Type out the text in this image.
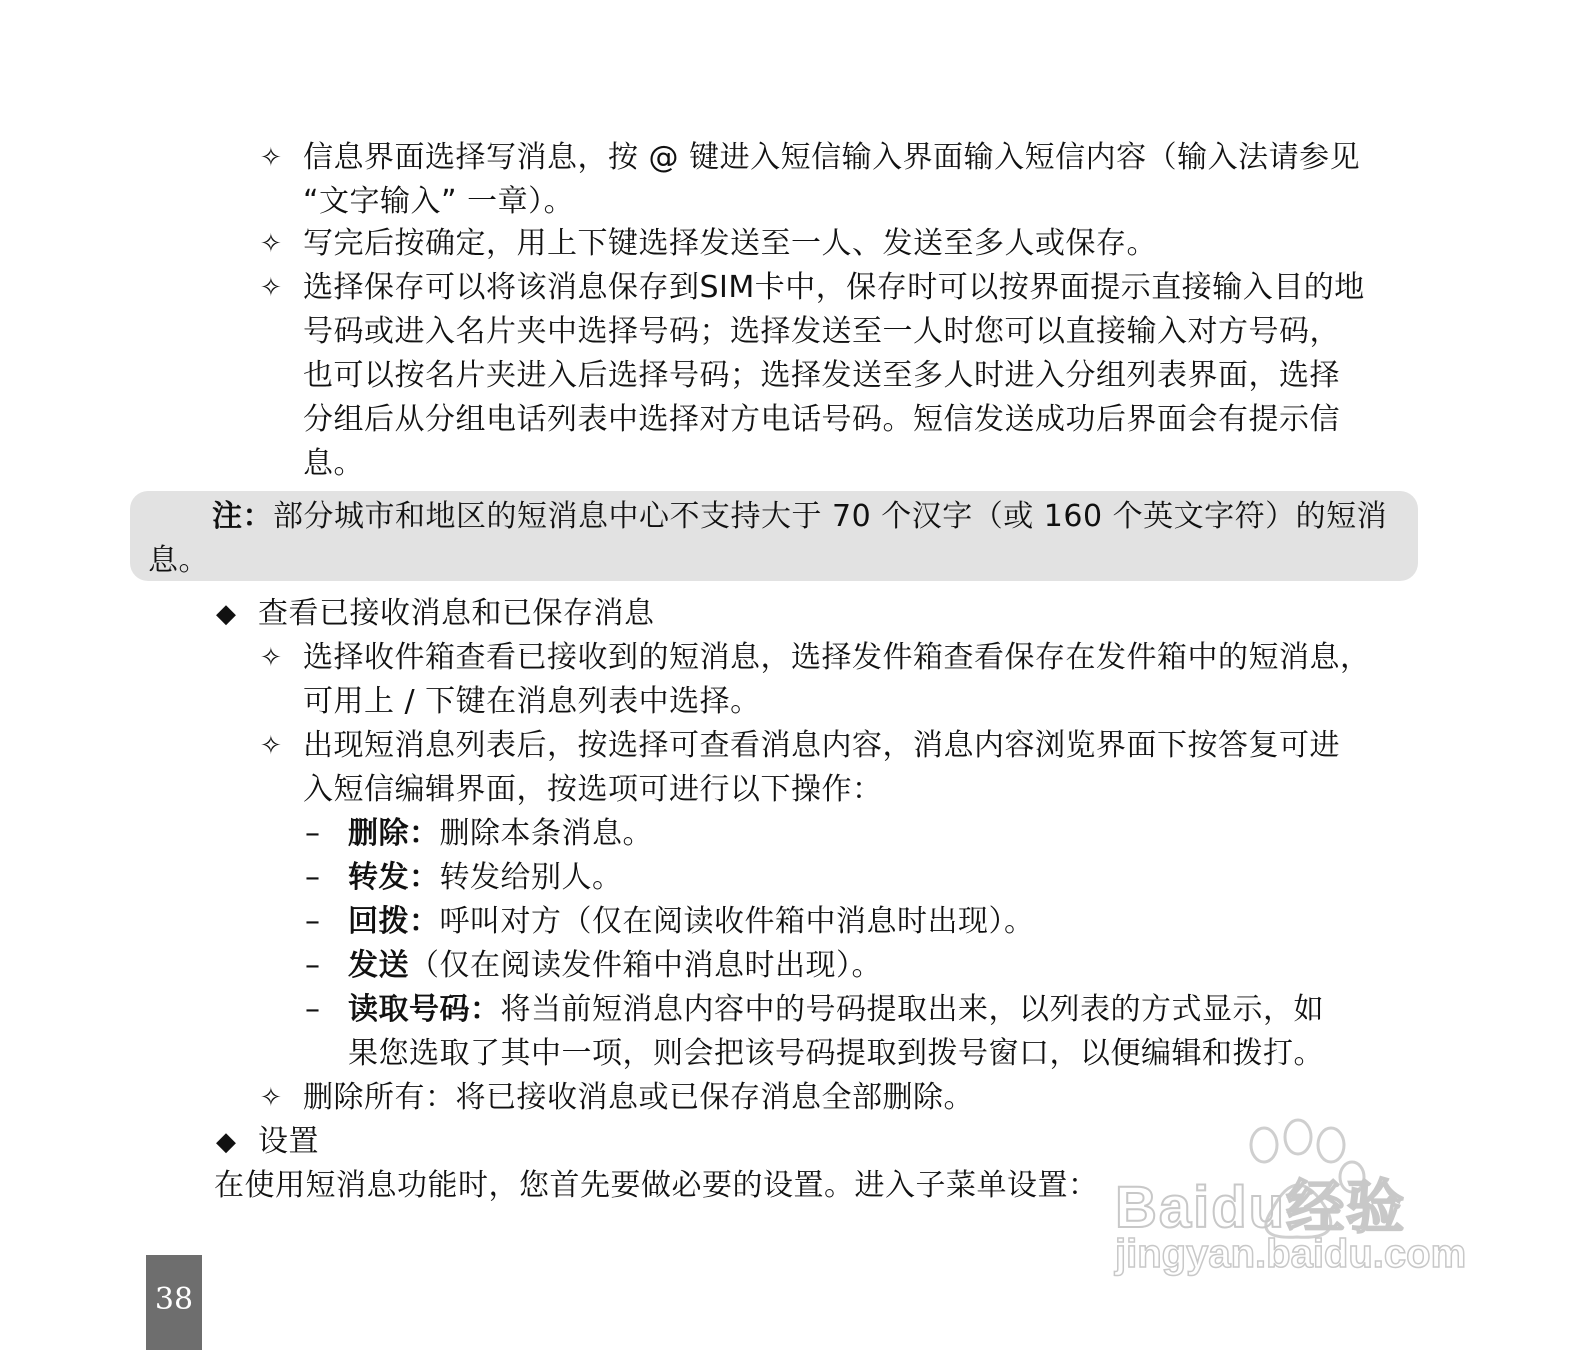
✧ 信息界面选择写消息，按 @ 键进入短信输入界面输入短信内容（输入法请参见
“文字输入” 一章）。
✧ 写完后按确定，用上下键选择发送至一人、发送至多人或保存。
✧ 选择保存可以将该消息保存到SIM卡中，保存时可以按界面提示直接输入目的地
号码或进入名片夹中选择号码；选择发送至一人时您可以直接输入对方号码，
也可以按名片夹进入后选择号码；选择发送至多人时进入分组列表界面，选择
分组后从分组电话列表中选择对方电话号码。短信发送成功后界面会有提示信
息。
注：部分城市和地区的短消息中心不支持大于 70 个汉字（或 160 个英文字符）的短消息。
◆ 查看已接收消息和已保存消息
✧ 选择收件箱查看已接收到的短消息，选择发件箱查看保存在发件箱中的短消息，
可用上 / 下键在消息列表中选择。
✧ 出现短消息列表后，按选择可查看消息内容，消息内容浏览界面下按答复可进
入短信编辑界面，按选项可进行以下操作：
– 删除：删除本条消息。
– 转发：转发给别人。
– 回拨：呼叫对方（仅在阅读收件箱中消息时出现）。
– 发送（仅在阅读发件箱中消息时出现）。
– 读取号码：将当前短消息内容中的号码提取出来，以列表的方式显示，如
果您选取了其中一项，则会把该号码提取到拨号窗口，以便编辑和拨打。
✧ 删除所有：将已接收消息或已保存消息全部删除。
◆ 设置
在使用短消息功能时，您首先要做必要的设置。进入子菜单设置：
38
Baidu经验
jingyan.baidu.com
